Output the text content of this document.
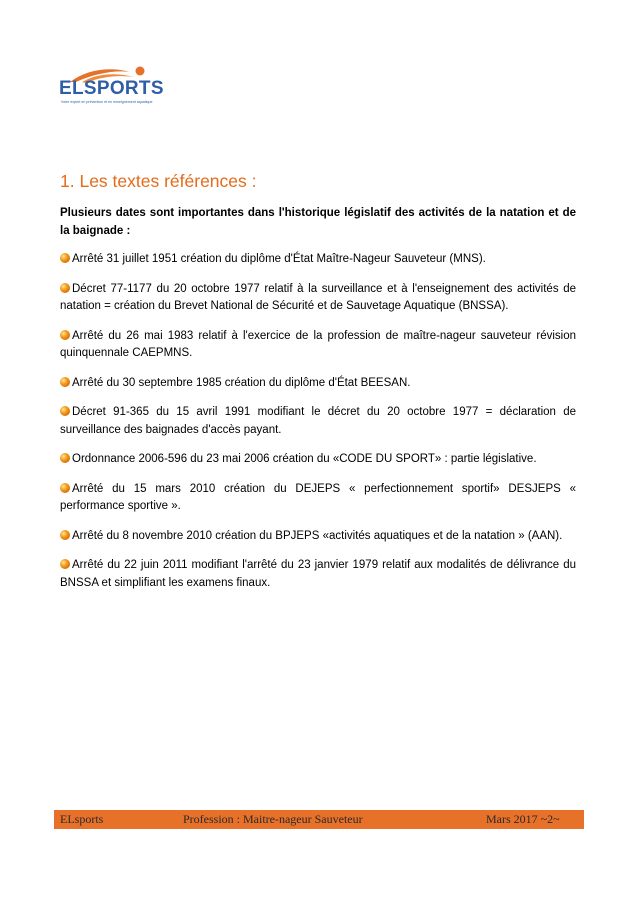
ELSPORTS
Votre expert en prévention et en enseignement aquatique
1. Les textes références :

Plusieurs dates sont importantes dans l'historique législatif des activités de la natation et de la baignade :

Arrêté 31 juillet 1951 création du diplôme d'État Maître-Nageur Sauveteur (MNS).
Décret 77-1177 du 20 octobre 1977 relatif à la surveillance et à l'enseignement des activités de natation = création du Brevet National de Sécurité et de Sauvetage Aquatique (BNSSA).
Arrêté du 26 mai 1983 relatif à l'exercice de la profession de maître-nageur sauveteur révision quinquennale CAEPMNS.
Arrêté du 30 septembre 1985 création du diplôme d'État BEESAN.
Décret 91-365 du 15 avril 1991 modifiant le décret du 20 octobre 1977 = déclaration de surveillance des baignades d'accès payant.
Ordonnance 2006-596 du 23 mai 2006 création du «CODE DU SPORT» : partie législative.
Arrêté du 15 mars 2010 création du DEJEPS « perfectionnement sportif» DESJEPS « performance sportive ».
Arrêté du 8 novembre 2010 création du BPJEPS «activités aquatiques et de la natation » (AAN).
Arrêté du 22 juin 2011 modifiant l'arrêté du 23 janvier 1979 relatif aux modalités de délivrance du BNSSA et simplifiant les examens finaux.
ELsports	Profession : Maitre-nageur Sauveteur	Mars 2017 ~2~
